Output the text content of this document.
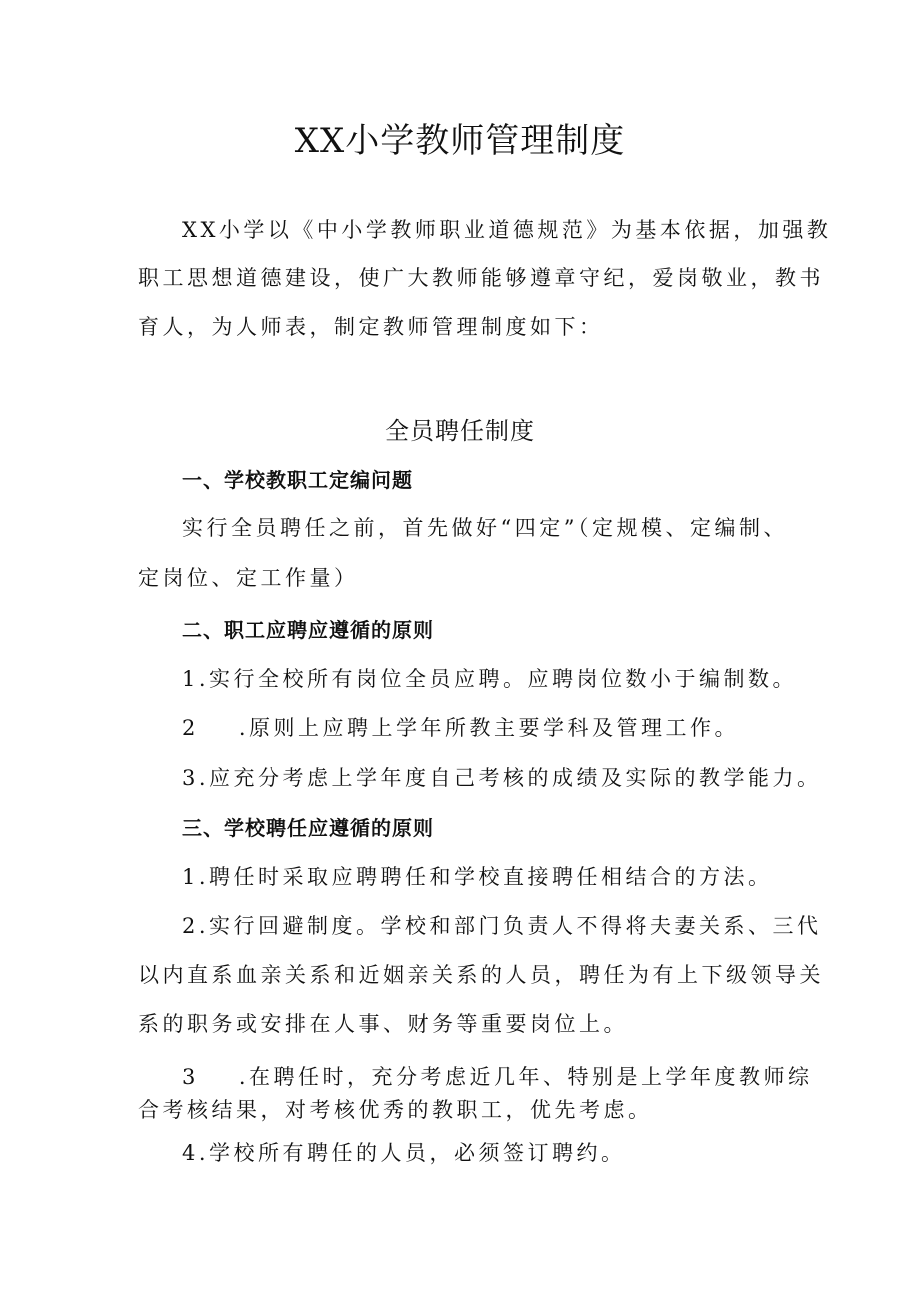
XX小学教师管理制度
XX小学以《中小学教师职业道德规范》为基本依据，加强教
职工思想道德建设，使广大教师能够遵章守纪，爱岗敬业，教书
育人，为人师表，制定教师管理制度如下：
全员聘任制度
一、学校教职工定编问题
实行全员聘任之前，首先做好“四定”（定规模、定编制、
定岗位、定工作量）
二、职工应聘应遵循的原则
1.实行全校所有岗位全员应聘。应聘岗位数小于编制数。
2 .原则上应聘上学年所教主要学科及管理工作。
3.应充分考虑上学年度自己考核的成绩及实际的教学能力。
三、学校聘任应遵循的原则
1.聘任时采取应聘聘任和学校直接聘任相结合的方法。
2.实行回避制度。学校和部门负责人不得将夫妻关系、三代
以内直系血亲关系和近姻亲关系的人员，聘任为有上下级领导关
系的职务或安排在人事、财务等重要岗位上。
3 .在聘任时，充分考虑近几年、特别是上学年度教师综
合考核结果，对考核优秀的教职工，优先考虑。
4.学校所有聘任的人员，必须签订聘约。
